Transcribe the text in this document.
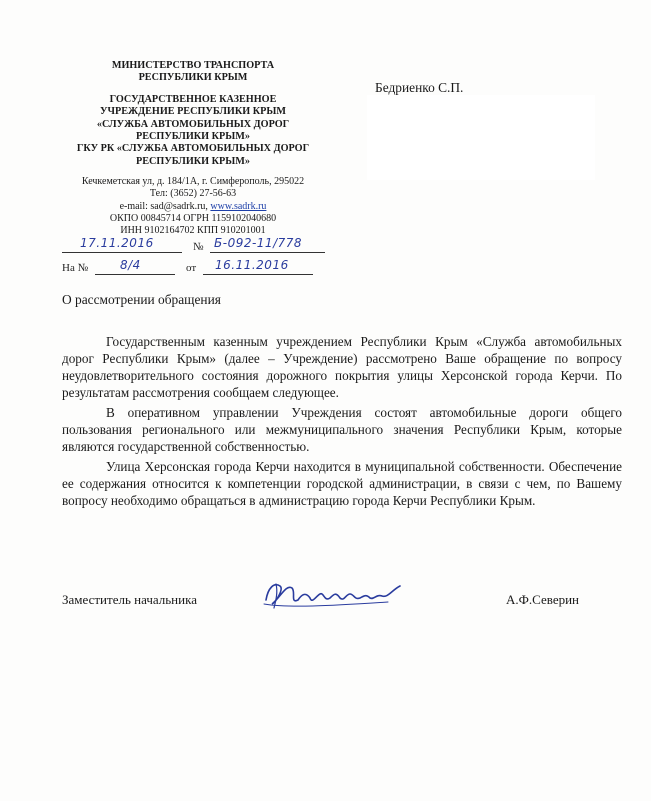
МИНИСТЕРСТВО ТРАНСПОРТА
РЕСПУБЛИКИ КРЫМ
ГОСУДАРСТВЕННОЕ КАЗЕННОЕ
УЧРЕЖДЕНИЕ РЕСПУБЛИКИ КРЫМ
«СЛУЖБА АВТОМОБИЛЬНЫХ ДОРОГ
РЕСПУБЛИКИ КРЫМ»
ГКУ РК «СЛУЖБА АВТОМОБИЛЬНЫХ ДОРОГ
РЕСПУБЛИКИ КРЫМ»
Кечкеметская ул, д. 184/1А, г. Симферополь, 295022
Тел: (3652) 27-56-63
e-mail: sad@sadrk.ru, www.sadrk.ru
ОКПО 00845714 ОГРН 1159102040680
ИНН 9102164702 КПП 910201001
Бедриенко С.П.
17.11.2016	№ Б-092-11/778
На №	8/4	от 16.11.2016
О рассмотрении обращения

Государственным казенным учреждением Республики Крым «Служба автомобильных дорог Республики Крым» (далее – Учреждение) рассмотрено Ваше обращение по вопросу неудовлетворительного состояния дорожного покрытия улицы Херсонской города Керчи. По результатам рассмотрения сообщаем следующее.

В оперативном управлении Учреждения состоят автомобильные дороги общего пользования регионального или межмуниципального значения Республики Крым, которые являются государственной собственностью.

Улица Херсонская города Керчи находится в муниципальной собственности. Обеспечение ее содержания относится к компетенции городской администрации, в связи с чем, по Вашему вопросу необходимо обращаться в администрацию города Керчи Республики Крым.

Заместитель начальника	А.Ф.Северин
